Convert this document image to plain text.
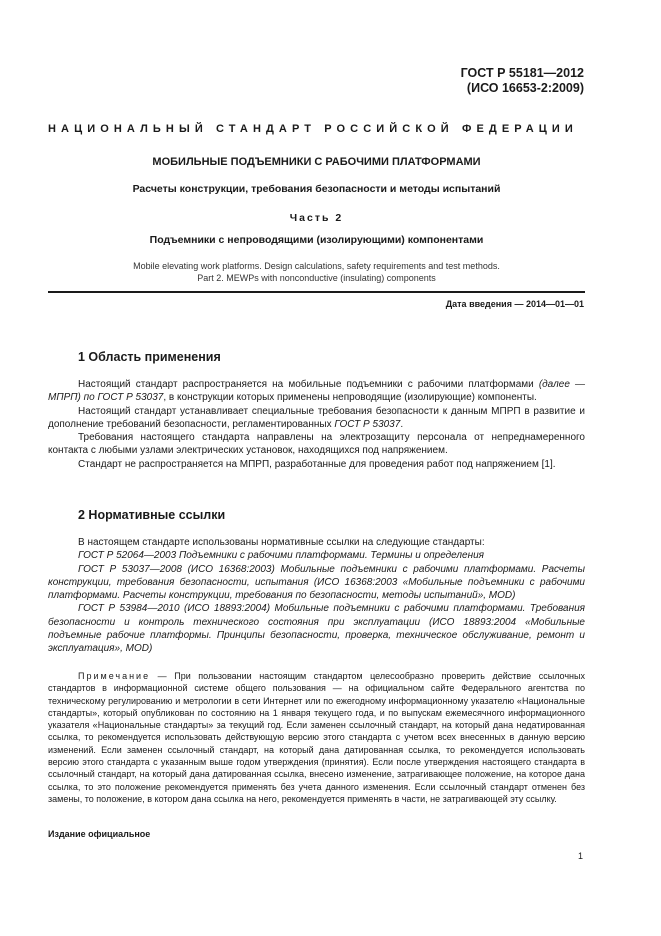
ГОСТ Р 55181—2012
(ИСО 16653-2:2009)
НАЦИОНАЛЬНЫЙ СТАНДАРТ РОССИЙСКОЙ ФЕДЕРАЦИИ
МОБИЛЬНЫЕ ПОДЪЕМНИКИ С РАБОЧИМИ ПЛАТФОРМАМИ
Расчеты конструкции, требования безопасности и методы испытаний
Часть 2
Подъемники с непроводящими (изолирующими) компонентами
Mobile elevating work platforms. Design calculations, safety requirements and test methods.
Part 2. MEWPs with nonconductive (insulating) components
Дата введения — 2014—01—01
1 Область применения

Настоящий стандарт распространяется на мобильные подъемники с рабочими платформами (далее — МПРП) по ГОСТ Р 53037, в конструкции которых применены непроводящие (изолирующие) компоненты.

Настоящий стандарт устанавливает специальные требования безопасности к данным МПРП в развитие и дополнение требований безопасности, регламентированных ГОСТ Р 53037.

Требования настоящего стандарта направлены на электрозащиту персонала от непреднамеренного контакта с любыми узлами электрических установок, находящихся под напряжением.

Стандарт не распространяется на МПРП, разработанные для проведения работ под напряжением [1].

2 Нормативные ссылки

В настоящем стандарте использованы нормативные ссылки на следующие стандарты:

ГОСТ Р 52064—2003 Подъемники с рабочими платформами. Термины и определения

ГОСТ Р 53037—2008 (ИСО 16368:2003) Мобильные подъемники с рабочими платформами. Расчеты конструкции, требования безопасности, испытания (ИСО 16368:2003 «Мобильные подъемники с рабочими платформами. Расчеты конструкции, требования по безопасности, методы испытаний», MOD)

ГОСТ Р 53984—2010 (ИСО 18893:2004) Мобильные подъемники с рабочими платформами. Требования безопасности и контроль технического состояния при эксплуатации (ИСО 18893:2004 «Мобильные подъемные рабочие платформы. Принципы безопасности, проверка, техническое обслуживание, ремонт и эксплуатация», MOD)

Примечание — При пользовании настоящим стандартом целесообразно проверить действие ссылочных стандартов в информационной системе общего пользования — на официальном сайте Федерального агентства по техническому регулированию и метрологии в сети Интернет или по ежегодному информационному указателю «Национальные стандарты», который опубликован по состоянию на 1 января текущего года, и по выпускам ежемесячного информационного указателя «Национальные стандарты» за текущий год. Если заменен ссылочный стандарт, на который дана недатированная ссылка, то рекомендуется использовать действующую версию этого стандарта с учетом всех внесенных в данную версию изменений. Если заменен ссылочный стандарт, на который дана датированная ссылка, то рекомендуется использовать версию этого стандарта с указанным выше годом утверждения (принятия). Если после утверждения настоящего стандарта в ссылочный стандарт, на который дана датированная ссылка, внесено изменение, затрагивающее положение, на которое дана ссылка, то это положение рекомендуется применять без учета данного изменения. Если ссылочный стандарт отменен без замены, то положение, в котором дана ссылка на него, рекомендуется применять в части, не затрагивающей эту ссылку.

Издание официальное
1
